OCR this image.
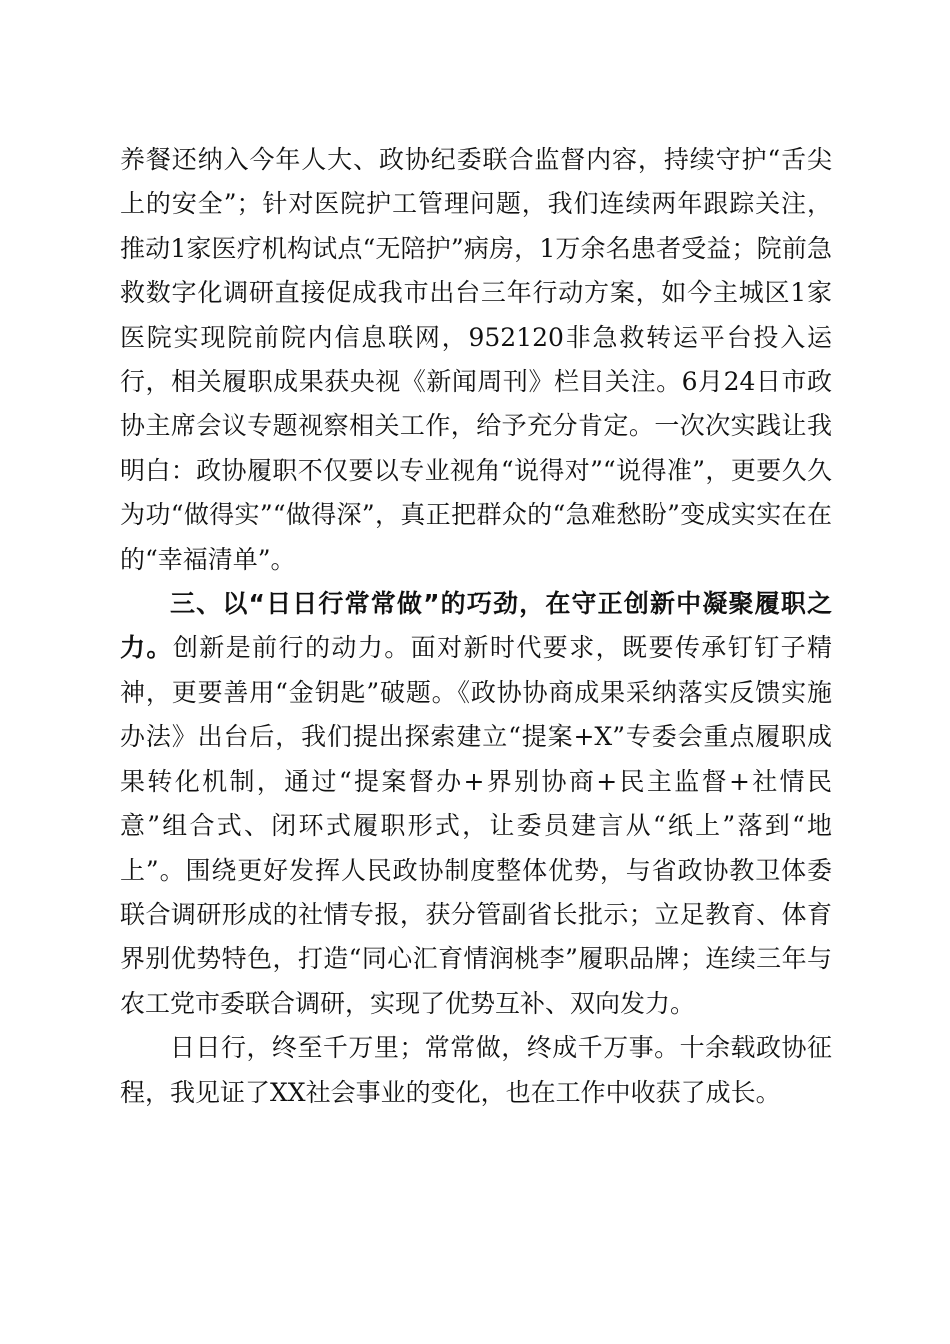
养餐还纳入今年人大、政协纪委联合监督内容，持续守护“舌尖上的安全”；针对医院护工管理问题，我们连续两年跟踪关注，推动1家医疗机构试点“无陪护”病房，1万余名患者受益；院前急救数字化调研直接促成我市出台三年行动方案，如今主城区1家医院实现院前院内信息联网，952120非急救转运平台投入运行，相关履职成果获央视《新闻周刊》栏目关注。6月24日市政协主席会议专题视察相关工作，给予充分肯定。一次次实践让我明白：政协履职不仅要以专业视角“说得对”“说得准”，更要久久为功“做得实”“做得深”，真正把群众的“急难愁盼”变成实实在在的“幸福清单”。

三、以“日日行常常做”的巧劲，在守正创新中凝聚履职之力。创新是前行的动力。面对新时代要求，既要传承钉钉子精神，更要善用“金钥匙”破题。《政协协商成果采纳落实反馈实施办法》出台后，我们提出探索建立“提案+X”专委会重点履职成果转化机制，通过“提案督办+界别协商+民主监督+社情民意”组合式、闭环式履职形式，让委员建言从“纸上”落到“地上”。围绕更好发挥人民政协制度整体优势，与省政协教卫体委联合调研形成的社情专报，获分管副省长批示；立足教育、体育界别优势特色，打造“同心汇育情润桃李”履职品牌；连续三年与农工党市委联合调研，实现了优势互补、双向发力。

日日行，终至千万里；常常做，终成千万事。十余载政协征程，我见证了XX社会事业的变化，也在工作中收获了成长。
